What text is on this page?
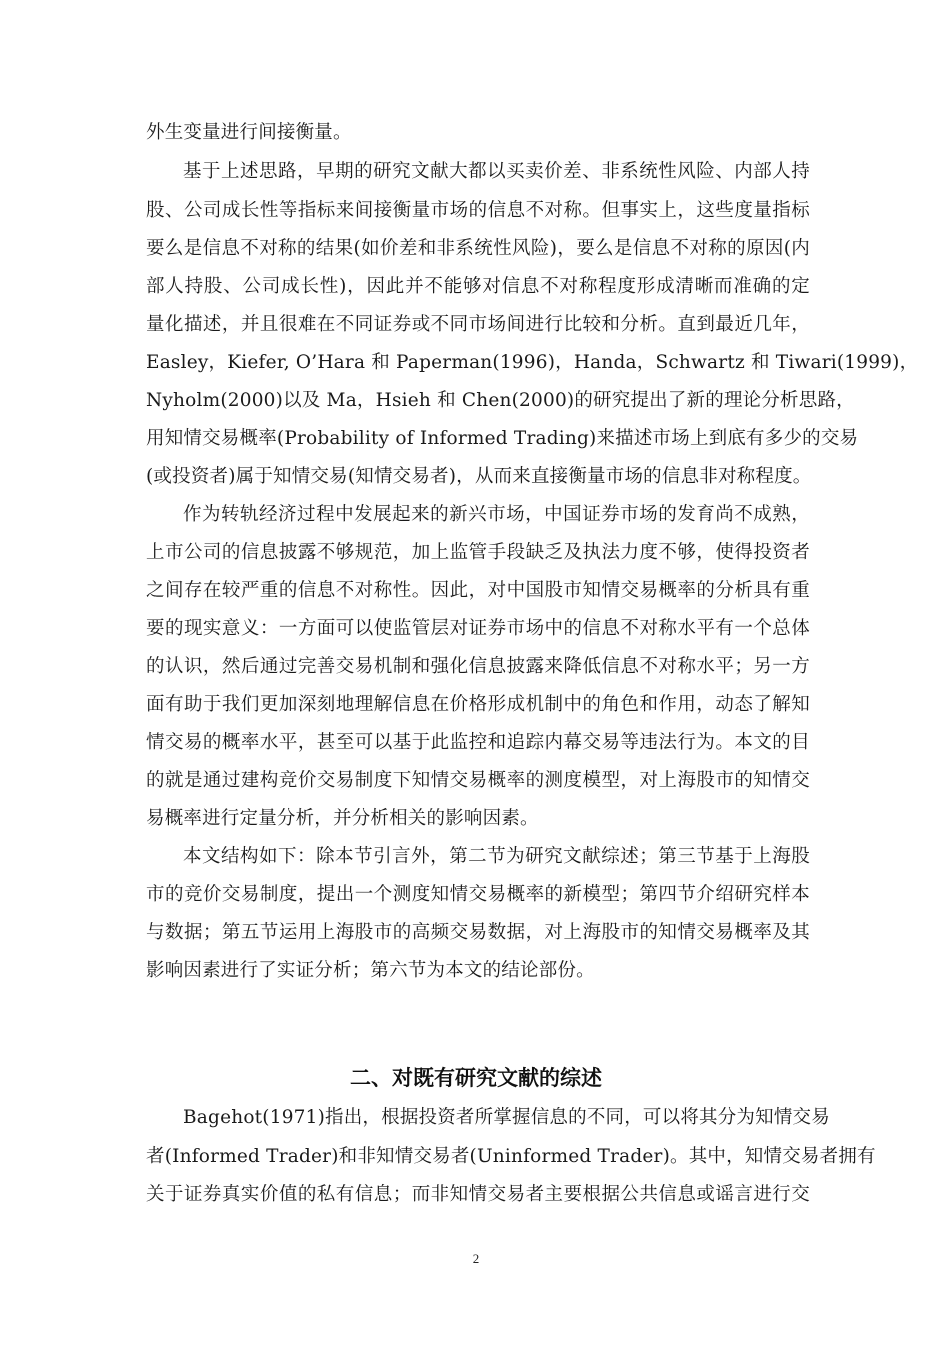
外生变量进行间接衡量。
基于上述思路，早期的研究文献大都以买卖价差、非系统性风险、内部人持
股、公司成长性等指标来间接衡量市场的信息不对称。但事实上，这些度量指标
要么是信息不对称的结果(如价差和非系统性风险)，要么是信息不对称的原因(内
部人持股、公司成长性)，因此并不能够对信息不对称程度形成清晰而准确的定
量化描述，并且很难在不同证券或不同市场间进行比较和分析。直到最近几年，
Easley，Kiefer, O’Hara 和 Paperman(1996)，Handa，Schwartz 和 Tiwari(1999)，
Nyholm(2000)以及 Ma，Hsieh 和 Chen(2000)的研究提出了新的理论分析思路，
用知情交易概率(Probability of Informed Trading)来描述市场上到底有多少的交易
(或投资者)属于知情交易(知情交易者)，从而来直接衡量市场的信息非对称程度。
作为转轨经济过程中发展起来的新兴市场，中国证券市场的发育尚不成熟，
上市公司的信息披露不够规范，加上监管手段缺乏及执法力度不够，使得投资者
之间存在较严重的信息不对称性。因此，对中国股市知情交易概率的分析具有重
要的现实意义：一方面可以使监管层对证券市场中的信息不对称水平有一个总体
的认识，然后通过完善交易机制和强化信息披露来降低信息不对称水平；另一方
面有助于我们更加深刻地理解信息在价格形成机制中的角色和作用，动态了解知
情交易的概率水平，甚至可以基于此监控和追踪内幕交易等违法行为。本文的目
的就是通过建构竞价交易制度下知情交易概率的测度模型，对上海股市的知情交
易概率进行定量分析，并分析相关的影响因素。
本文结构如下：除本节引言外，第二节为研究文献综述；第三节基于上海股
市的竞价交易制度，提出一个测度知情交易概率的新模型；第四节介绍研究样本
与数据；第五节运用上海股市的高频交易数据，对上海股市的知情交易概率及其
影响因素进行了实证分析；第六节为本文的结论部份。
二、对既有研究文献的综述
Bagehot(1971)指出，根据投资者所掌握信息的不同，可以将其分为知情交易
者(Informed Trader)和非知情交易者(Uninformed Trader)。其中，知情交易者拥有
关于证券真实价值的私有信息；而非知情交易者主要根据公共信息或谣言进行交
2
